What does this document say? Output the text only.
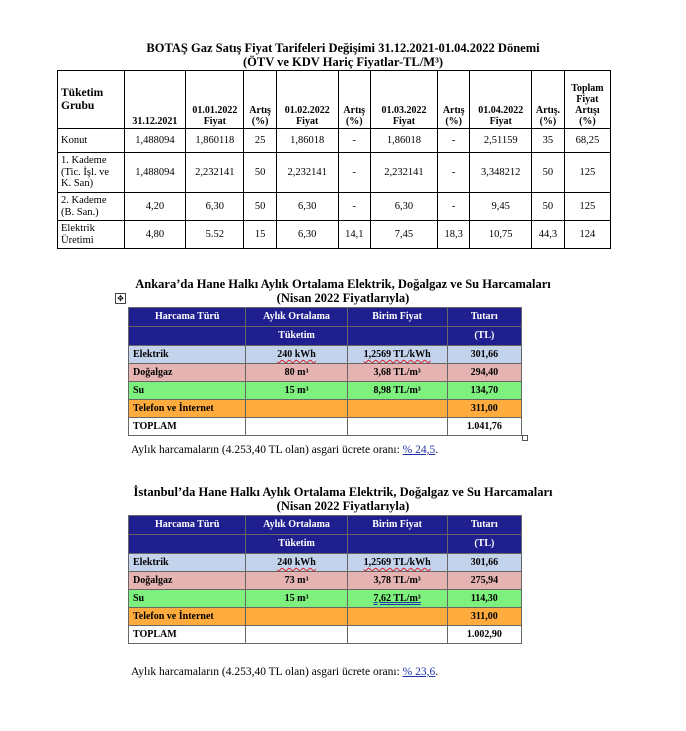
BOTAŞ Gaz Satış Fiyat Tarifeleri Değişimi 31.12.2021-01.04.2022 Dönemi
(ÖTV ve KDV Hariç Fiyatlar-TL/M³)
Tüketim Grubu	31.12.2021	01.01.2022 Fiyat	Artış (%)	01.02.2022 Fiyat	Artış (%)	01.03.2022 Fiyat	Artış (%)	01.04.2022 Fiyat	Artış. (%)	Toplam Fiyat Artışı (%)
Konut	1,488094	1,860118	25	1,86018	-	1,86018	-	2,51159	35	68,25
1. Kademe (Tic. İşl. ve K. San)	1,488094	2,232141	50	2,232141	-	2,232141	-	3,348212	50	125
2. Kademe (B. San.)	4,20	6,30	50	6,30	-	6,30	-	9,45	50	125
Elektrik Üretimi	4,80	5.52	15	6,30	14,1	7,45	18,3	10,75	44,3	124
Ankara’da Hane Halkı Aylık Ortalama Elektrik, Doğalgaz ve Su Harcamaları
(Nisan 2022 Fiyatlarıyla)
✥
Harcama Türü	Aylık Ortalama	Birim Fiyat	Tutarı
	Tüketim		(TL)
Elektrik	240 kWh	1,2569 TL/kWh	301,66
Doğalgaz	80 m³	3,68 TL/m³	294,40
Su	15 m³	8,98 TL/m³	134,70
Telefon ve İnternet			311,00
TOPLAM			1.041,76
Aylık harcamaların (4.253,40 TL olan) asgari ücrete oranı: % 24,5.
İstanbul’da Hane Halkı Aylık Ortalama Elektrik, Doğalgaz ve Su Harcamaları
(Nisan 2022 Fiyatlarıyla)
Harcama Türü	Aylık Ortalama	Birim Fiyat	Tutarı
	Tüketim		(TL)
Elektrik	240 kWh	1,2569 TL/kWh	301,66
Doğalgaz	73 m³	3,78 TL/m³	275,94
Su	15 m³	7,62 TL/m³	114,30
Telefon ve İnternet			311,00
TOPLAM			1.002,90
Aylık harcamaların (4.253,40 TL olan) asgari ücrete oranı: % 23,6.
